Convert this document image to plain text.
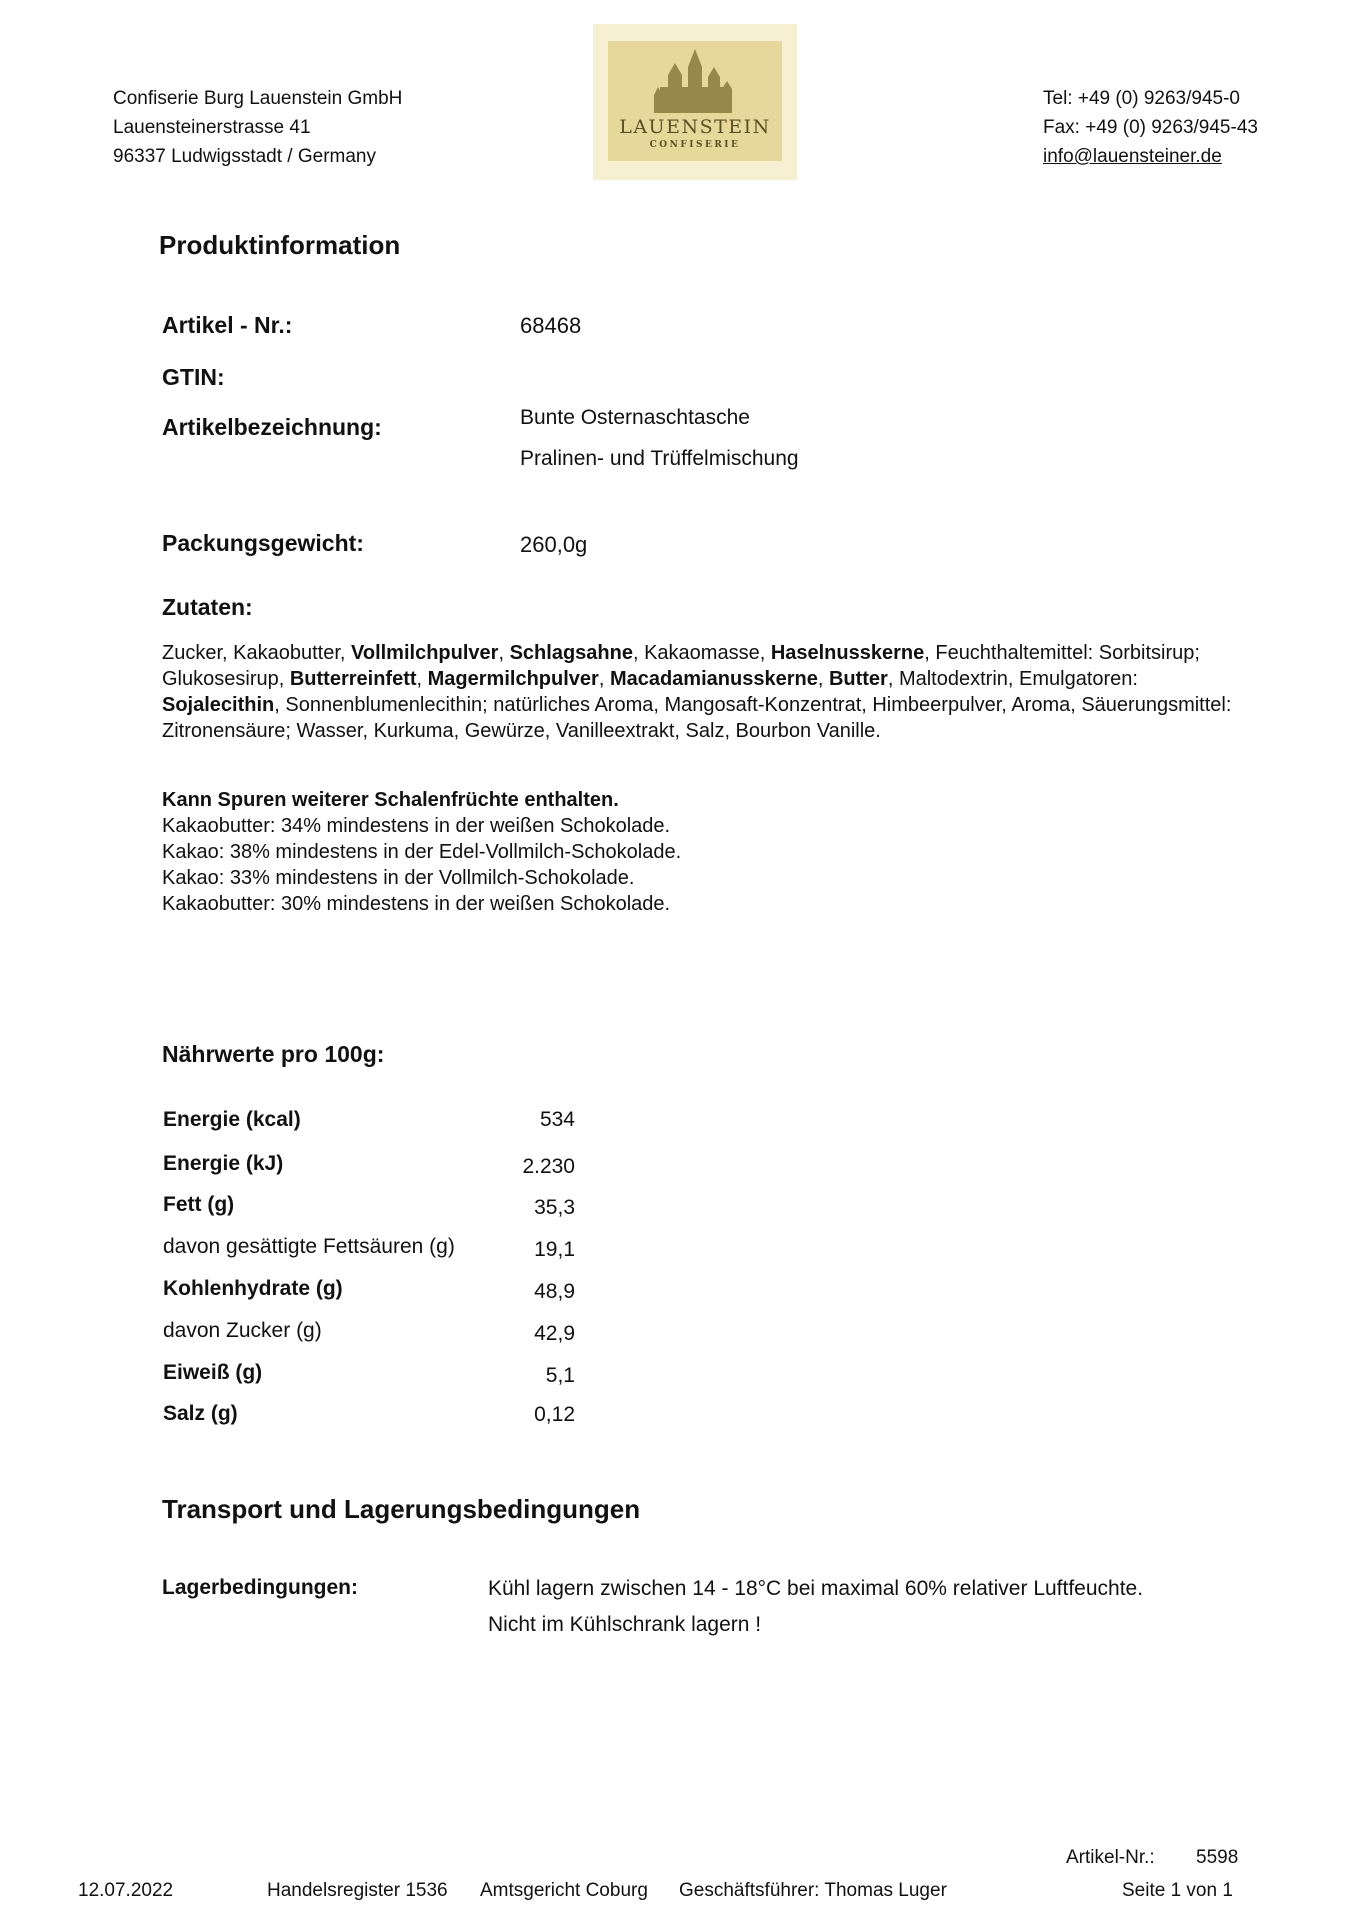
Confiserie Burg Lauenstein GmbH
Lauensteinerstrasse 41
96337 Ludwigsstadt / Germany
LAUENSTEIN
CONFISERIE
Tel: +49 (0) 9263/945-0
Fax: +49 (0) 9263/945-43
info@lauensteiner.de
Produktinformation
Artikel - Nr.:	68468
GTIN:
Artikelbezeichnung:	Bunte Osternaschtasche
Pralinen- und Trüffelmischung
Packungsgewicht:	260,0g
Zutaten:
Zucker, Kakaobutter, Vollmilchpulver, Schlagsahne, Kakaomasse, Haselnusskerne, Feuchthaltemittel: Sorbitsirup; Glukosesirup, Butterreinfett, Magermilchpulver, Macadamianusskerne, Butter, Maltodextrin, Emulgatoren: Sojalecithin, Sonnenblumenlecithin; natürliches Aroma, Mangosaft-Konzentrat, Himbeerpulver, Aroma, Säuerungsmittel: Zitronensäure; Wasser, Kurkuma, Gewürze, Vanilleextrakt, Salz, Bourbon Vanille.
Kann Spuren weiterer Schalenfrüchte enthalten.
Kakaobutter: 34% mindestens in der weißen Schokolade.
Kakao: 38% mindestens in der Edel-Vollmilch-Schokolade.
Kakao: 33% mindestens in der Vollmilch-Schokolade.
Kakaobutter: 30% mindestens in der weißen Schokolade.
Nährwerte pro 100g:
Energie (kcal)	534
Energie (kJ)	2.230
Fett (g)	35,3
davon gesättigte Fettsäuren (g)	19,1
Kohlenhydrate (g)	48,9
davon Zucker (g)	42,9
Eiweiß (g)	5,1
Salz (g)	0,12
Transport und Lagerungsbedingungen
Lagerbedingungen:	Kühl lagern zwischen 14 - 18°C bei maximal 60% relativer Luftfeuchte.
Nicht im Kühlschrank lagern !
Artikel-Nr.: 5598
12.07.2022	Handelsregister 1536 Amtsgericht Coburg Geschäftsführer: Thomas Luger	Seite 1 von 1
